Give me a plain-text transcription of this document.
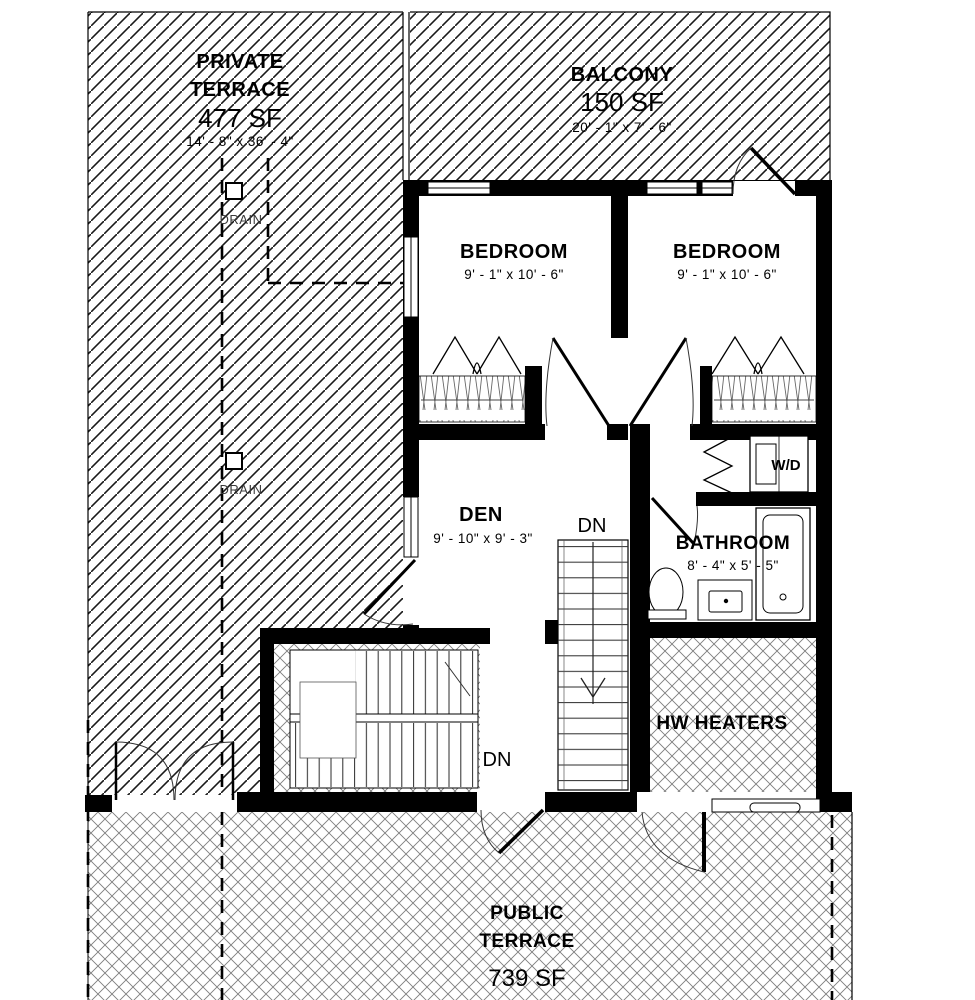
DRAIN
DRAIN
PRIVATE
TERRACE
477 SF
14' - 8" x 36' - 4"
BALCONY
150 SF
20' - 1" x 7' - 6"
BEDROOM
9' - 1" x 10' - 6"
BEDROOM
9' - 1" x 10' - 6"
DEN
9' - 10" x 9' - 3"
DN
BATHROOM
8' - 4" x 5' - 5"
W/D
HW HEATERS
DN
PUBLIC
TERRACE
739 SF
